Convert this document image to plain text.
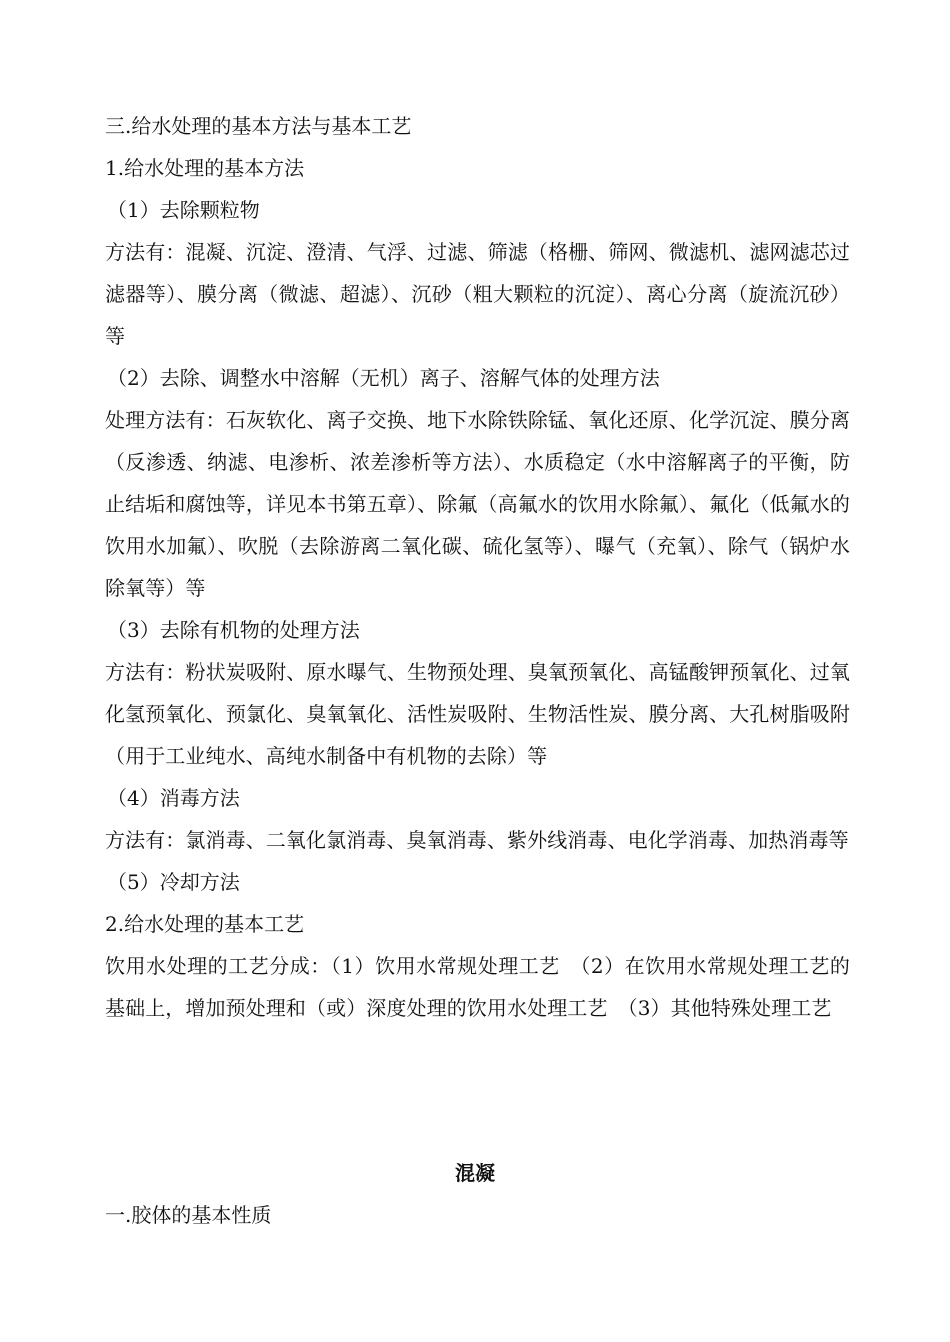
三.给水处理的基本方法与基本工艺
1.给水处理的基本方法
（1）去除颗粒物
方法有：混凝、沉淀、澄清、气浮、过滤、筛滤（格栅、筛网、微滤机、滤网滤芯过滤器等）、膜分离（微滤、超滤）、沉砂（粗大颗粒的沉淀）、离心分离（旋流沉砂）等
（2）去除、调整水中溶解（无机）离子、溶解气体的处理方法
处理方法有：石灰软化、离子交换、地下水除铁除锰、氧化还原、化学沉淀、膜分离（反渗透、纳滤、电渗析、浓差渗析等方法）、水质稳定（水中溶解离子的平衡，防止结垢和腐蚀等，详见本书第五章）、除氟（高氟水的饮用水除氟）、氟化（低氟水的饮用水加氟）、吹脱（去除游离二氧化碳、硫化氢等）、曝气（充氧）、除气（锅炉水除氧等）等
（3）去除有机物的处理方法
方法有：粉状炭吸附、原水曝气、生物预处理、臭氧预氧化、高锰酸钾预氧化、过氧化氢预氧化、预氯化、臭氧氧化、活性炭吸附、生物活性炭、膜分离、大孔树脂吸附（用于工业纯水、高纯水制备中有机物的去除）等
（4）消毒方法
方法有：氯消毒、二氧化氯消毒、臭氧消毒、紫外线消毒、电化学消毒、加热消毒等
（5）冷却方法
2.给水处理的基本工艺
饮用水处理的工艺分成：（1）饮用水常规处理工艺　（2）在饮用水常规处理工艺的基础上，增加预处理和（或）深度处理的饮用水处理工艺　（3）其他特殊处理工艺
混凝
一.胶体的基本性质
